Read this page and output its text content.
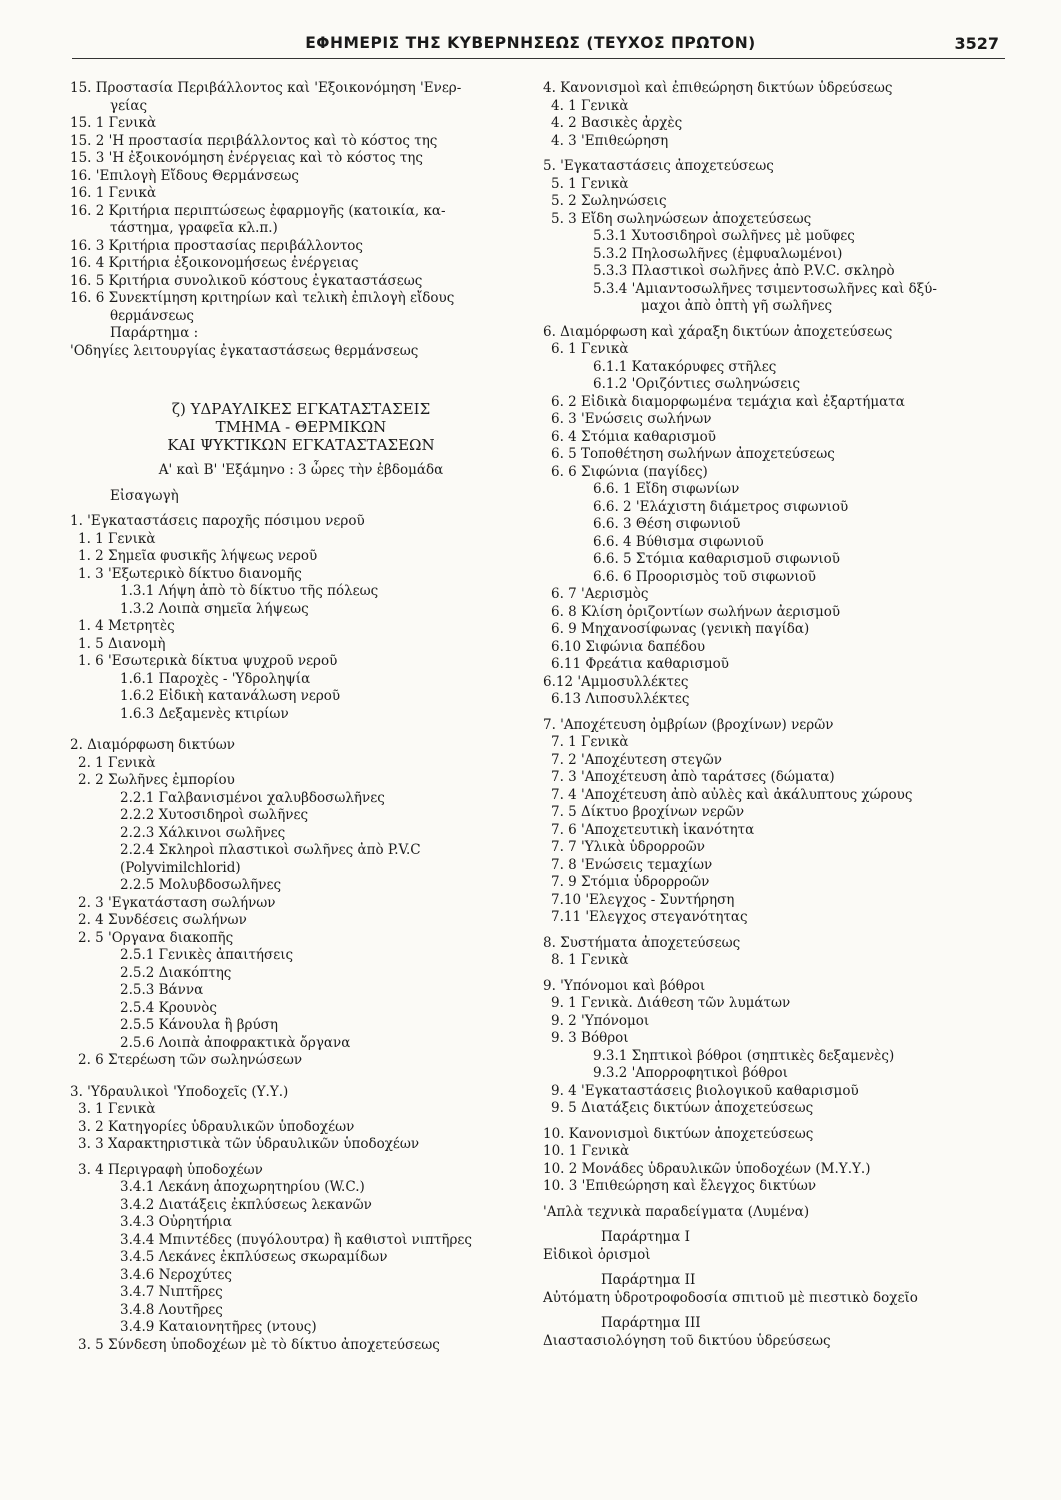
ΕΦΗΜΕΡΙΣ ΤΗΣ ΚΥΒΕΡΝΗΣΕΩΣ (ΤΕΥΧΟΣ ΠΡΩΤΟΝ)	3527
15. Προστασία Περιβάλλοντος καὶ 'Εξοικονόμηση 'Ενερ-
γείας
15. 1 Γενικὰ
15. 2 'Η προστασία περιβάλλοντος καὶ τὸ κόστος της
15. 3 'Η ἐξοικονόμηση ἐνέργειας καὶ τὸ κόστος της
16. 'Επιλογὴ Εἴδους Θερμάνσεως
16. 1 Γενικὰ
16. 2 Κριτήρια περιπτώσεως ἐφαρμογῆς (κατοικία, κα-
τάστημα, γραφεῖα κλ.π.)
16. 3 Κριτήρια προστασίας περιβάλλοντος
16. 4 Κριτήρια ἐξοικονομήσεως ἐνέργειας
16. 5 Κριτήρια συνολικοῦ κόστους ἐγκαταστάσεως
16. 6 Συνεκτίμηση κριτηρίων καὶ τελικὴ ἐπιλογὴ εἴδους
θερμάνσεως
Παράρτημα :
'Οδηγίες λειτουργίας ἐγκαταστάσεως θερμάνσεως
ζ) ΥΔΡΑΥΛΙΚΕΣ ΕΓΚΑΤΑΣΤΑΣΕΙΣ
ΤΜΗΜΑ - ΘΕΡΜΙΚΩΝ
ΚΑΙ ΨΥΚΤΙΚΩΝ ΕΓΚΑΤΑΣΤΑΣΕΩΝ
Α' καὶ Β' 'Εξάμηνο : 3 ὧρες τὴν ἑβδομάδα
Εἰσαγωγὴ
1. 'Εγκαταστάσεις παροχῆς πόσιμου νεροῦ
1. 1 Γενικὰ
1. 2 Σημεῖα φυσικῆς λήψεως νεροῦ
1. 3 'Εξωτερικὸ δίκτυο διανομῆς
1.3.1 Λήψη ἀπὸ τὸ δίκτυο τῆς πόλεως
1.3.2 Λοιπὰ σημεῖα λήψεως
1. 4 Μετρητὲς
1. 5 Διανομὴ
1. 6 'Εσωτερικὰ δίκτυα ψυχροῦ νεροῦ
1.6.1 Παροχὲς - 'Υδροληψία
1.6.2 Εἰδικὴ κατανάλωση νεροῦ
1.6.3 Δεξαμενὲς κτιρίων
2. Διαμόρφωση δικτύων
2. 1 Γενικὰ
2. 2 Σωλῆνες ἐμπορίου
2.2.1 Γαλβανισμένοι χαλυβδοσωλῆνες
2.2.2 Χυτοσιδηροὶ σωλῆνες
2.2.3 Χάλκινοι σωλῆνες
2.2.4 Σκληροὶ πλαστικοὶ σωλῆνες ἀπὸ P.V.C
(Polyvimilchlorid)
2.2.5 Μολυβδοσωλῆνες
2. 3 'Εγκατάσταση σωλήνων
2. 4 Συνδέσεις σωλήνων
2. 5 'Οργανα διακοπῆς
2.5.1 Γενικὲς ἀπαιτήσεις
2.5.2 Διακόπτης
2.5.3 Βάννα
2.5.4 Κρουνὸς
2.5.5 Κάνουλα ἢ βρύση
2.5.6 Λοιπὰ ἀποφρακτικὰ ὄργανα
2. 6 Στερέωση τῶν σωληνώσεων
3. 'Υδραυλικοὶ 'Υποδοχεῖς (Υ.Υ.)
3. 1 Γενικὰ
3. 2 Κατηγορίες ὑδραυλικῶν ὑποδοχέων
3. 3 Χαρακτηριστικὰ τῶν ὑδραυλικῶν ὑποδοχέων
3. 4 Περιγραφὴ ὑποδοχέων
3.4.1 Λεκάνη ἀποχωρητηρίου (W.C.)
3.4.2 Διατάξεις ἐκπλύσεως λεκανῶν
3.4.3 Οὐρητήρια
3.4.4 Μπιντέδες (πυγόλουτρα) ἢ καθιστοὶ νιπτῆρες
3.4.5 Λεκάνες ἐκπλύσεως σκωραμίδων
3.4.6 Νεροχύτες
3.4.7 Νιπτῆρες
3.4.8 Λουτῆρες
3.4.9 Καταιονητῆρες (ντους)
3. 5 Σύνδεση ὑποδοχέων μὲ τὸ δίκτυο ἀποχετεύσεως
4. Κανονισμοὶ καὶ ἐπιθεώρηση δικτύων ὑδρεύσεως
4. 1 Γενικὰ
4. 2 Βασικὲς ἀρχὲς
4. 3 'Επιθεώρηση
5. 'Εγκαταστάσεις ἀποχετεύσεως
5. 1 Γενικὰ
5. 2 Σωληνώσεις
5. 3 Εἴδη σωληνώσεων ἀποχετεύσεως
5.3.1 Χυτοσιδηροὶ σωλῆνες μὲ μοῦφες
5.3.2 Πηλοσωλῆνες (ἐμφυαλωμένοι)
5.3.3 Πλαστικοὶ σωλῆνες ἀπὸ P.V.C. σκληρὸ
5.3.4 'Αμιαντοσωλῆνες τσιμεντοσωλῆνες καὶ δξύ-
μαχοι ἀπὸ ὀπτὴ γῆ σωλῆνες
6. Διαμόρφωση καὶ χάραξη δικτύων ἀποχετεύσεως
6. 1 Γενικὰ
6.1.1 Κατακόρυφες στῆλες
6.1.2 'Οριζόντιες σωληνώσεις
6. 2 Εἰδικὰ διαμορφωμένα τεμάχια καὶ ἐξαρτήματα
6. 3 'Ενώσεις σωλήνων
6. 4 Στόμια καθαρισμοῦ
6. 5 Τοποθέτηση σωλήνων ἀποχετεύσεως
6. 6 Σιφώνια (παγίδες)
6.6. 1 Εἴδη σιφωνίων
6.6. 2 'Ελάχιστη διάμετρος σιφωνιοῦ
6.6. 3 Θέση σιφωνιοῦ
6.6. 4 Βύθισμα σιφωνιοῦ
6.6. 5 Στόμια καθαρισμοῦ σιφωνιοῦ
6.6. 6 Προορισμὸς τοῦ σιφωνιοῦ
6. 7 'Αερισμὸς
6. 8 Κλίση ὁριζοντίων σωλήνων ἀερισμοῦ
6. 9 Μηχανοσίφωνας (γενικὴ παγίδα)
6.10 Σιφώνια δαπέδου
6.11 Φρεάτια καθαρισμοῦ
6.12 'Αμμοσυλλέκτες
6.13 Λιποσυλλέκτες
7. 'Αποχέτευση ὀμβρίων (βροχίνων) νερῶν
7. 1 Γενικὰ
7. 2 'Αποχέυτεση στεγῶν
7. 3 'Αποχέτευση ἀπὸ ταράτσες (δώματα)
7. 4 'Αποχέτευση ἀπὸ αὐλὲς καὶ ἀκάλυπτους χώρους
7. 5 Δίκτυο βροχίνων νερῶν
7. 6 'Αποχετευτικὴ ἱκανότητα
7. 7 'Υλικὰ ὑδρορροῶν
7. 8 'Ενώσεις τεμαχίων
7. 9 Στόμια ὑδρορροῶν
7.10 'Ελεγχος - Συντήρηση
7.11 'Ελεγχος στεγανότητας
8. Συστήματα ἀποχετεύσεως
8. 1 Γενικὰ
9. 'Υπόνομοι καὶ βόθροι
9. 1 Γενικὰ. Διάθεση τῶν λυμάτων
9. 2 'Υπόνομοι
9. 3 Βόθροι
9.3.1 Σηπτικοὶ βόθροι (σηπτικὲς δεξαμενὲς)
9.3.2 'Απορροφητικοὶ βόθροι
9. 4 'Εγκαταστάσεις βιολογικοῦ καθαρισμοῦ
9. 5 Διατάξεις δικτύων ἀποχετεύσεως
10. Κανονισμοὶ δικτύων ἀποχετεύσεως
10. 1 Γενικὰ
10. 2 Μονάδες ὑδραυλικῶν ὑποδοχέων (Μ.Υ.Υ.)
10. 3 'Επιθεώρηση καὶ ἔλεγχος δικτύων
'Απλὰ τεχνικὰ παραδείγματα (Λυμένα)
Παράρτημα Ι
Εἰδικοὶ ὁρισμοὶ
Παράρτημα ΙΙ
Αὐτόματη ὑδροτροφοδοσία σπιτιοῦ μὲ πιεστικὸ δοχεῖο
Παράρτημα ΙΙΙ
Διαστασιολόγηση τοῦ δικτύου ὑδρεύσεως
